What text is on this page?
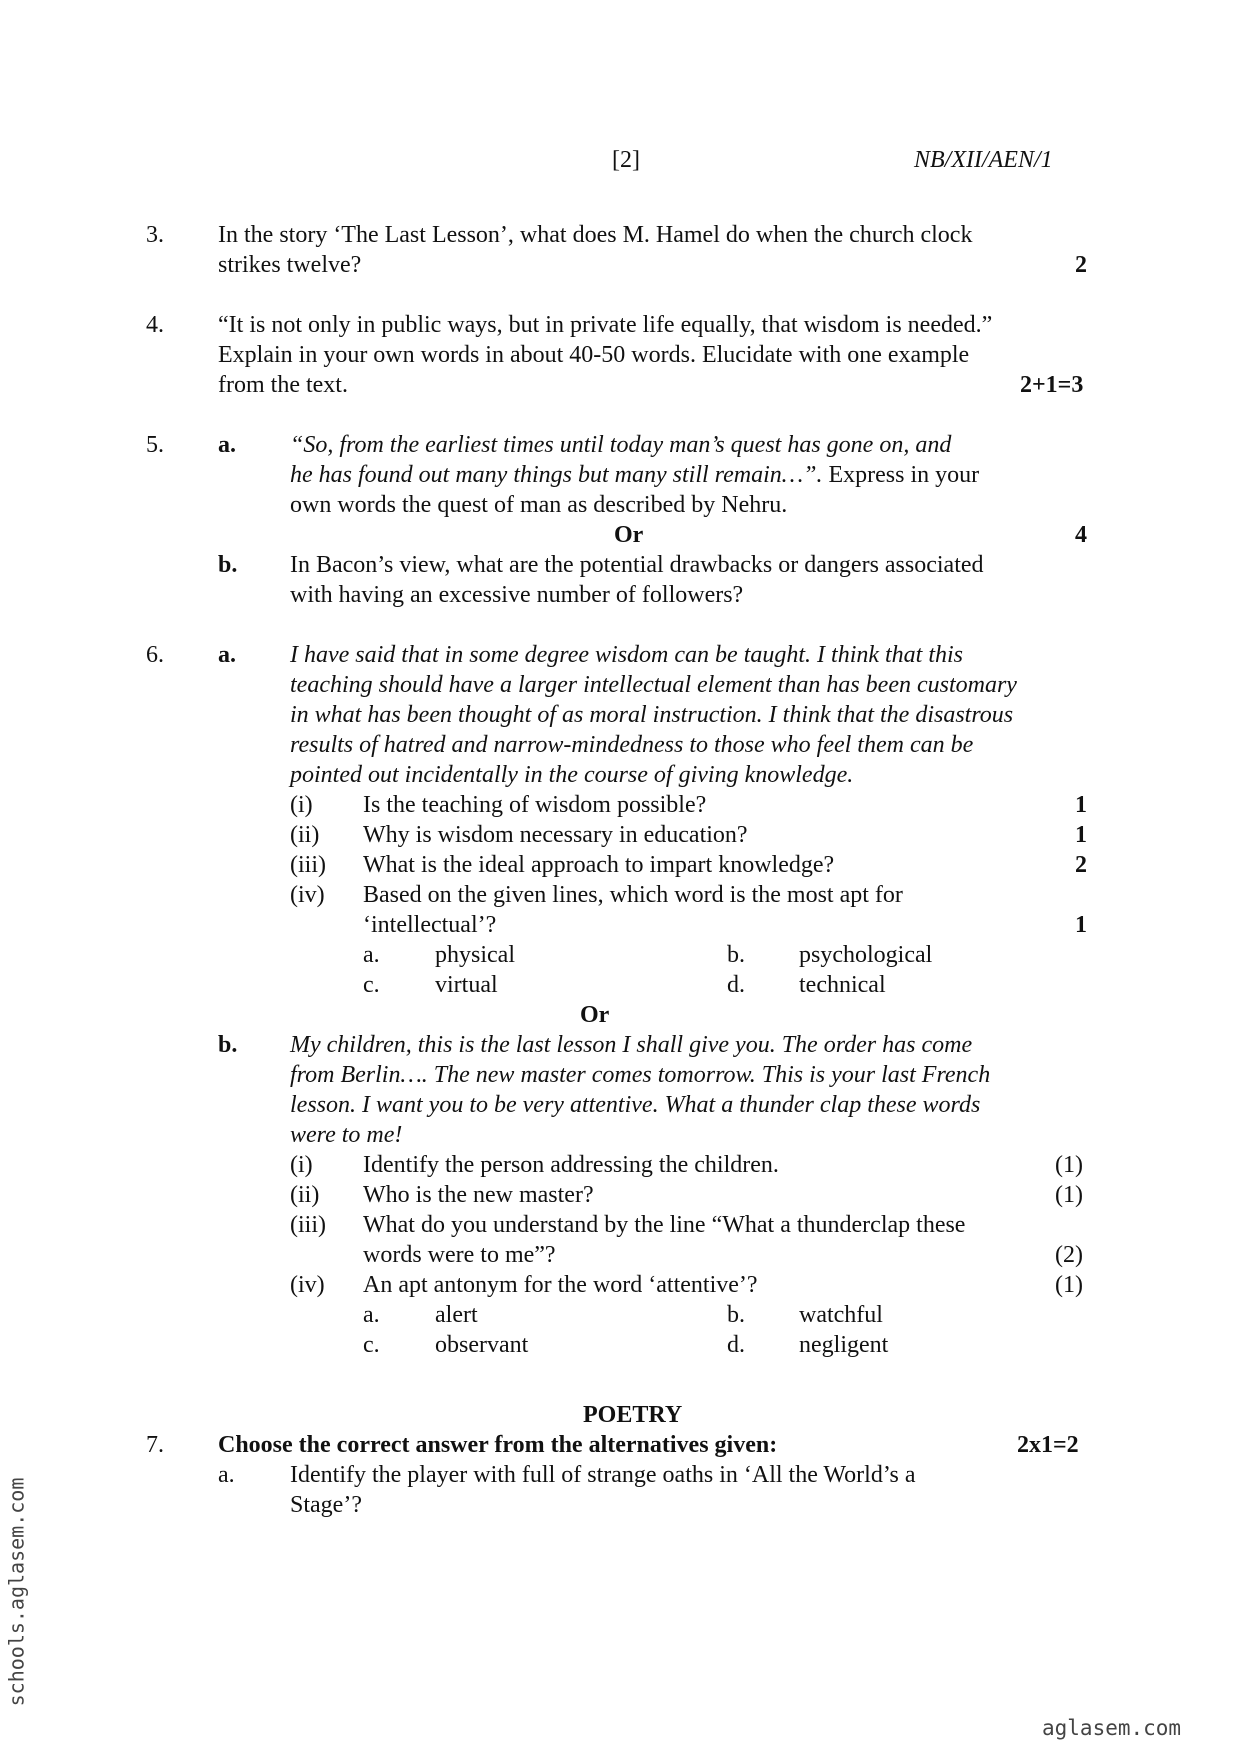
[2]	NB/XII/AEN/1
3. In the story ‘The Last Lesson’, what does M. Hamel do when the church clock
strikes twelve?	2
4. “It is not only in public ways, but in private life equally, that wisdom is needed.”
Explain in your own words in about 40-50 words. Elucidate with one example
from the text.	2+1=3
5. a. “So, from the earliest times until today man’s quest has gone on, and
he has found out many things but many still remain…”. Express in your
own words the quest of man as described by Nehru.
Or	4
b. In Bacon’s view, what are the potential drawbacks or dangers associated
with having an excessive number of followers?
6. a. I have said that in some degree wisdom can be taught. I think that this
teaching should have a larger intellectual element than has been customary
in what has been thought of as moral instruction. I think that the disastrous
results of hatred and narrow-mindedness to those who feel them can be
pointed out incidentally in the course of giving knowledge.
(i) Is the teaching of wisdom possible?	1
(ii) Why is wisdom necessary in education?	1
(iii) What is the ideal approach to impart knowledge?	2
(iv) Based on the given lines, which word is the most apt for
‘intellectual’?	1
a. physical	b. psychological
c. virtual	d. technical
Or
b. My children, this is the last lesson I shall give you. The order has come
from Berlin…. The new master comes tomorrow. This is your last French
lesson. I want you to be very attentive. What a thunder clap these words
were to me!
(i) Identify the person addressing the children.	(1)
(ii) Who is the new master?	(1)
(iii) What do you understand by the line “What a thunderclap these
words were to me”?	(2)
(iv) An apt antonym for the word ‘attentive’?	(1)
a. alert	b. watchful
c. observant	d. negligent
POETRY
7. Choose the correct answer from the alternatives given:	2x1=2
a. Identify the player with full of strange oaths in ‘All the World’s a
Stage’?
schools.aglasem.com
aglasem.com
